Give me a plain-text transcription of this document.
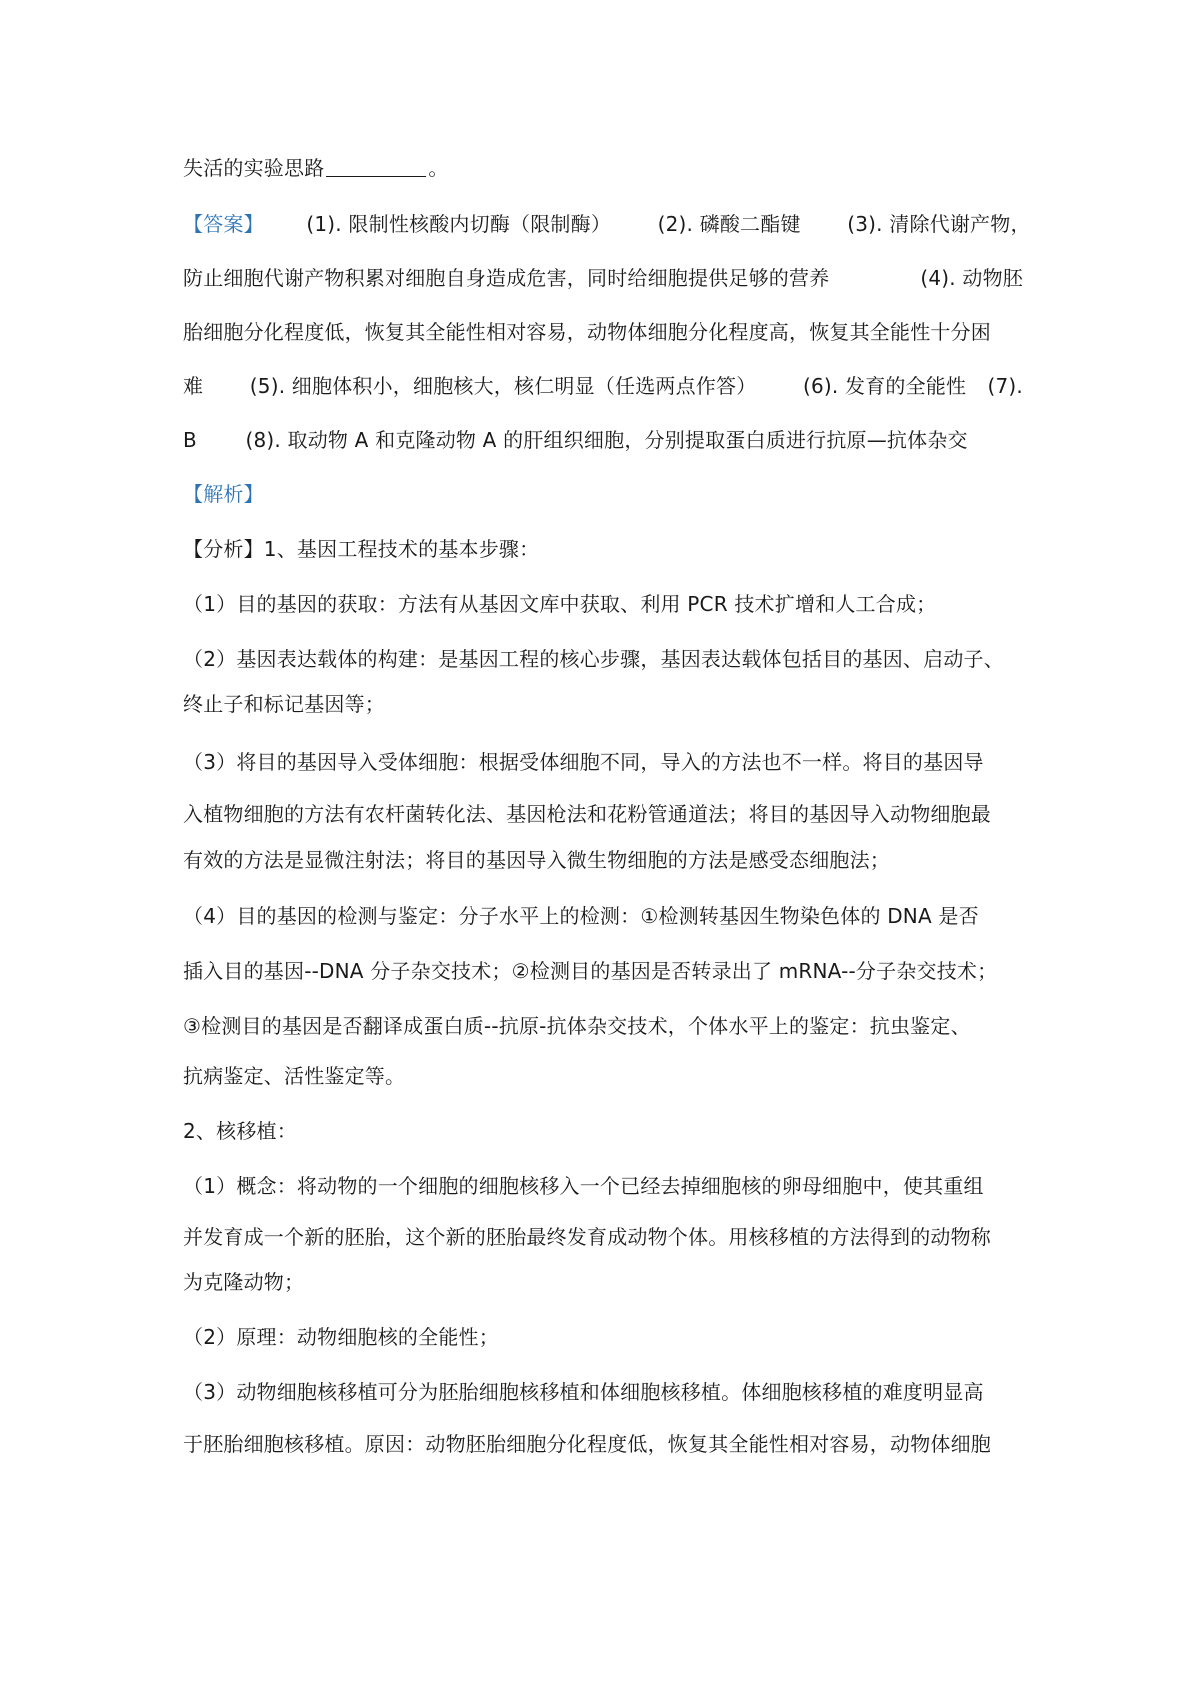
失活的实验思路	。
【答案】 (1). 限制性核酸内切酶（限制酶） (2). 磷酸二酯键 (3). 清除代谢产物，
防止细胞代谢产物积累对细胞自身造成危害，同时给细胞提供足够的营养	(4). 动物胚
胎细胞分化程度低，恢复其全能性相对容易，动物体细胞分化程度高，恢复其全能性十分困
难 (5). 细胞体积小，细胞核大，核仁明显（任选两点作答） (6). 发育的全能性 (7).
B (8). 取动物 A 和克隆动物 A 的肝组织细胞，分别提取蛋白质进行抗原—抗体杂交
【解析】
【分析】1、基因工程技术的基本步骤：
（1）目的基因的获取：方法有从基因文库中获取、利用 PCR 技术扩增和人工合成；
（2）基因表达载体的构建：是基因工程的核心步骤，基因表达载体包括目的基因、启动子、
终止子和标记基因等；
（3）将目的基因导入受体细胞：根据受体细胞不同，导入的方法也不一样。将目的基因导
入植物细胞的方法有农杆菌转化法、基因枪法和花粉管通道法；将目的基因导入动物细胞最
有效的方法是显微注射法；将目的基因导入微生物细胞的方法是感受态细胞法；
（4）目的基因的检测与鉴定：分子水平上的检测：①检测转基因生物染色体的 DNA 是否
插入目的基因--DNA 分子杂交技术；②检测目的基因是否转录出了 mRNA--分子杂交技术；
③检测目的基因是否翻译成蛋白质--抗原-抗体杂交技术，个体水平上的鉴定：抗虫鉴定、
抗病鉴定、活性鉴定等。
2、核移植：
（1）概念：将动物的一个细胞的细胞核移入一个已经去掉细胞核的卵母细胞中，使其重组
并发育成一个新的胚胎，这个新的胚胎最终发育成动物个体。用核移植的方法得到的动物称
为克隆动物；
（2）原理：动物细胞核的全能性；
（3）动物细胞核移植可分为胚胎细胞核移植和体细胞核移植。体细胞核移植的难度明显高
于胚胎细胞核移植。原因：动物胚胎细胞分化程度低，恢复其全能性相对容易，动物体细胞
